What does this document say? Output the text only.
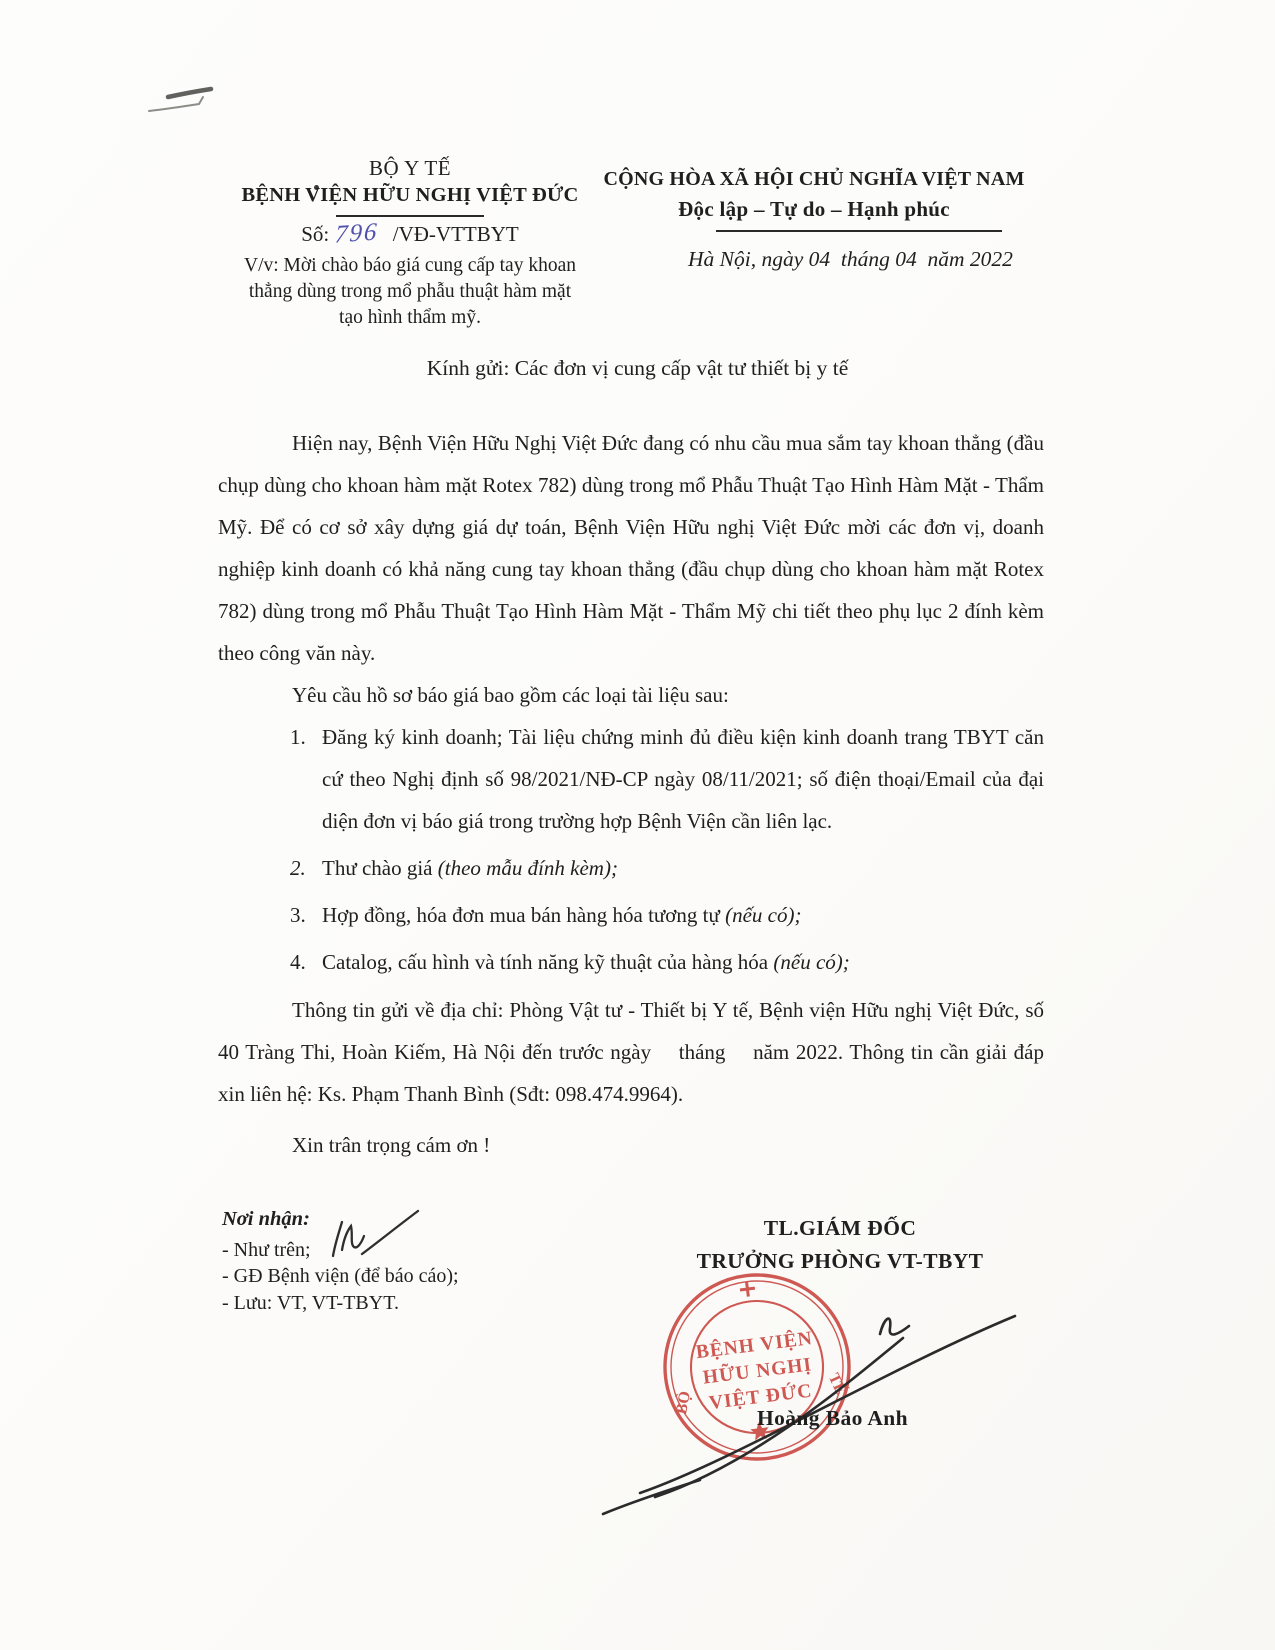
BỘ Y TẾ
BỆNH VIỆN HỮU NGHỊ VIỆT ĐỨC
Số: 796 /VĐ-VTTBYT
V/v: Mời chào báo giá cung cấp tay khoan thẳng dùng trong mổ phẫu thuật hàm mặt tạo hình thẩm mỹ.
CỘNG HÒA XÃ HỘI CHỦ NGHĨA VIỆT NAM
Độc lập – Tự do – Hạnh phúc
Hà Nội, ngày 04  tháng 04  năm 2022
Kính gửi: Các đơn vị cung cấp vật tư thiết bị y tế
Hiện nay, Bệnh Viện Hữu Nghị Việt Đức đang có nhu cầu mua sắm tay khoan thẳng (đầu chụp dùng cho khoan hàm mặt Rotex 782) dùng trong mổ Phẫu Thuật Tạo Hình Hàm Mặt - Thẩm Mỹ. Để có cơ sở xây dựng giá dự toán, Bệnh Viện Hữu nghị Việt Đức mời các đơn vị, doanh nghiệp kinh doanh có khả năng cung tay khoan thẳng (đầu chụp dùng cho khoan hàm mặt Rotex 782) dùng trong mổ Phẫu Thuật Tạo Hình Hàm Mặt - Thẩm Mỹ chi tiết theo phụ lục 2 đính kèm theo công văn này.
Yêu cầu hồ sơ báo giá bao gồm các loại tài liệu sau:
1. Đăng ký kinh doanh; Tài liệu chứng minh đủ điều kiện kinh doanh trang TBYT căn cứ theo Nghị định số 98/2021/NĐ-CP ngày 08/11/2021; số điện thoại/Email của đại diện đơn vị báo giá trong trường hợp Bệnh Viện cần liên lạc.
2. Thư chào giá (theo mẫu đính kèm);
3. Hợp đồng, hóa đơn mua bán hàng hóa tương tự (nếu có);
4. Catalog, cấu hình và tính năng kỹ thuật của hàng hóa (nếu có);
Thông tin gửi về địa chỉ: Phòng Vật tư - Thiết bị Y tế, Bệnh viện Hữu nghị Việt Đức, số 40 Tràng Thi, Hoàn Kiếm, Hà Nội đến trước ngày  tháng  năm 2022. Thông tin cần giải đáp xin liên hệ: Ks. Phạm Thanh Bình (Sđt: 098.474.9964).
Xin trân trọng cám ơn !
Nơi nhận:
- Như trên;
- GĐ Bệnh viện (để báo cáo);
- Lưu: VT, VT-TBYT.
TL.GIÁM ĐỐC
TRƯỞNG PHÒNG VT-TBYT
BỆNH VIỆN
HỮU NGHỊ
VIỆT ĐỨC
BỘ
TẾ
Hoàng Bảo Anh
